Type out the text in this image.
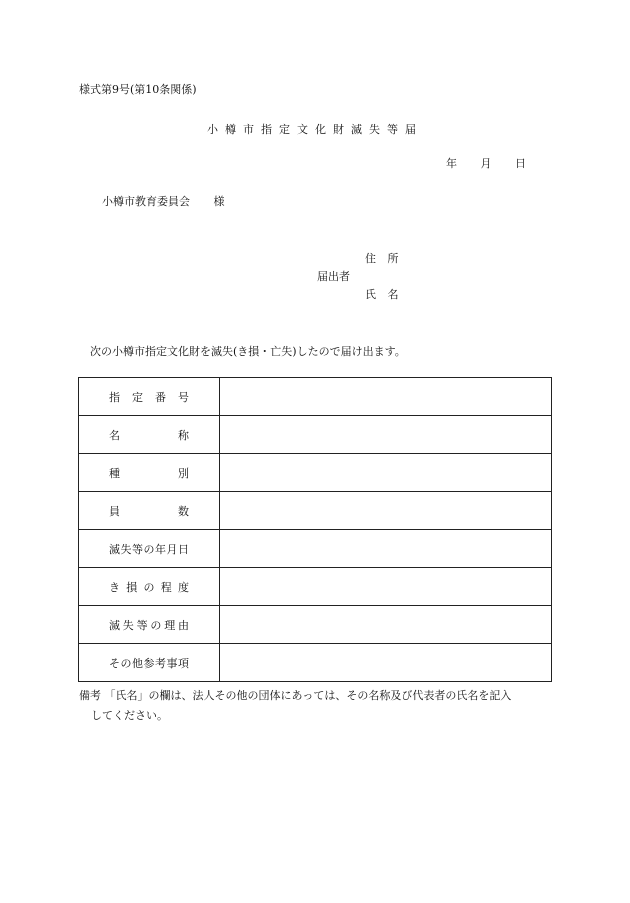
様式第9号(第10条関係)
小樽市指定文化財滅失等届
年 月 日
小樽市教育委員会 様
住 所
届出者
氏 名
次の小樽市指定文化財を滅失(き損・亡失)したので届け出ます。
指定番号	
名称	
種別	
員数	
滅失等の年月日	
き損の程度	
滅失等の理由	
その他参考事項	
備考 「氏名」の欄は、法人その他の団体にあっては、その名称及び代表者の氏名を記入
してください。
